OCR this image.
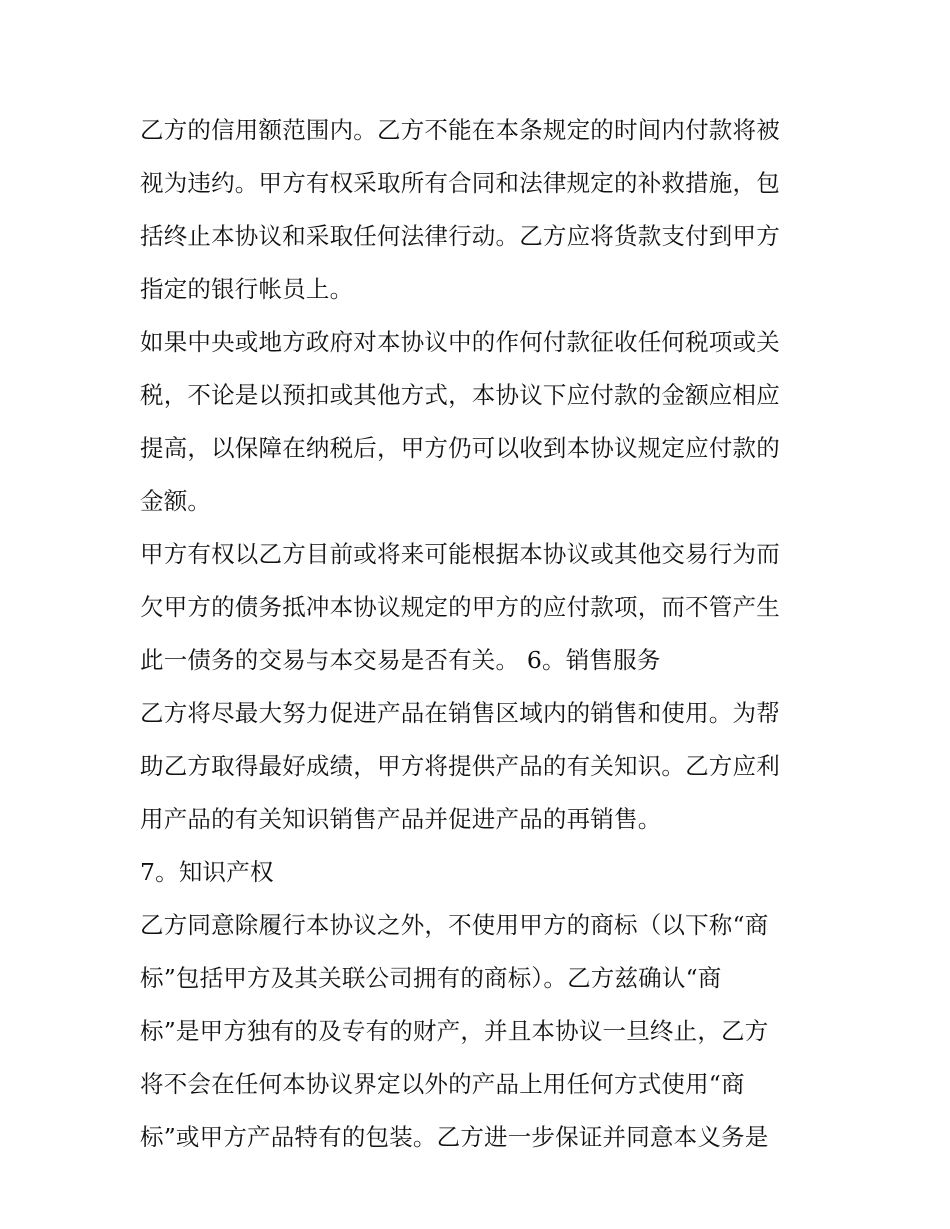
乙方的信用额范围内。乙方不能在本条规定的时间内付款将被
视为违约。甲方有权采取所有合同和法律规定的补救措施，包
括终止本协议和采取任何法律行动。乙方应将货款支付到甲方
指定的银行帐员上。
如果中央或地方政府对本协议中的作何付款征收任何税项或关
税，不论是以预扣或其他方式，本协议下应付款的金额应相应
提高，以保障在纳税后，甲方仍可以收到本协议规定应付款的
金额。
甲方有权以乙方目前或将来可能根据本协议或其他交易行为而
欠甲方的债务抵冲本协议规定的甲方的应付款项，而不管产生
此一债务的交易与本交易是否有关。 6。销售服务
乙方将尽最大努力促进产品在销售区域内的销售和使用。为帮
助乙方取得最好成绩，甲方将提供产品的有关知识。乙方应利
用产品的有关知识销售产品并促进产品的再销售。
7。知识产权
乙方同意除履行本协议之外，不使用甲方的商标（以下称“商
标”包括甲方及其关联公司拥有的商标）。乙方兹确认“商
标”是甲方独有的及专有的财产，并且本协议一旦终止，乙方
将不会在任何本协议界定以外的产品上用任何方式使用“商
标”或甲方产品特有的包装。乙方进一步保证并同意本义务是
